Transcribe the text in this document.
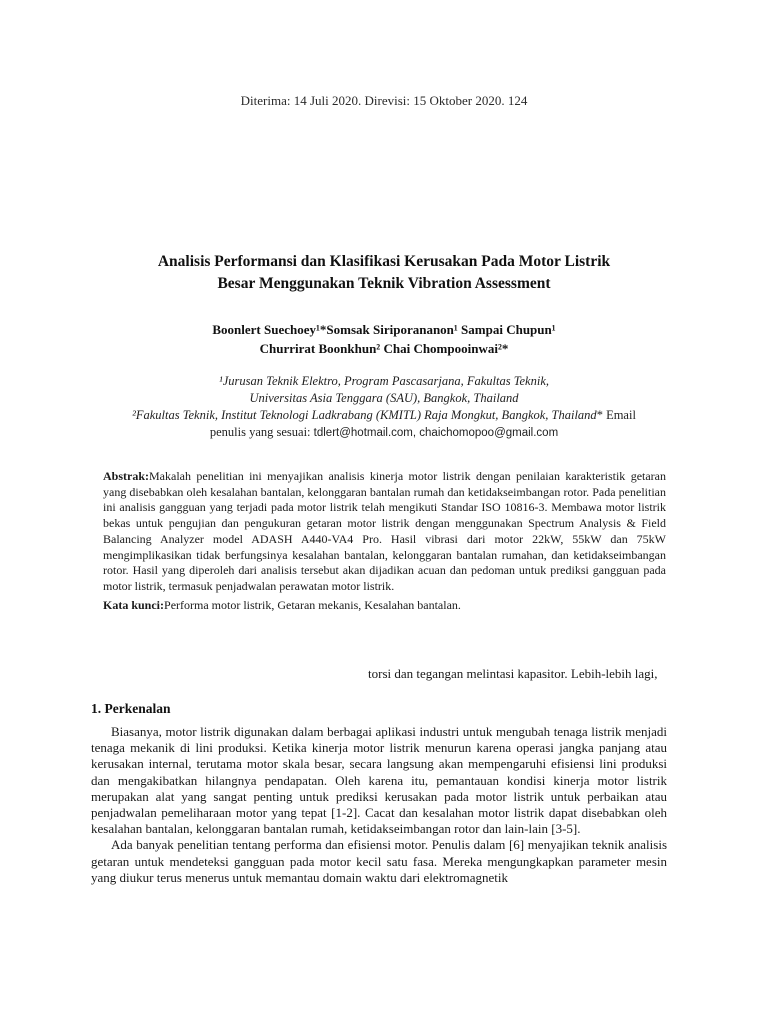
Diterima: 14 Juli 2020. Direvisi: 15 Oktober 2020. 124
Analisis Performansi dan Klasifikasi Kerusakan Pada Motor Listrik
Besar Menggunakan Teknik Vibration Assessment
Boonlert Suechoey¹*Somsak Siriporananon¹ Sampai Chupun¹
Churrirat Boonkhun² Chai Chompooinwai²*
¹Jurusan Teknik Elektro, Program Pascasarjana, Fakultas Teknik,
Universitas Asia Tenggara (SAU), Bangkok, Thailand
²Fakultas Teknik, Institut Teknologi Ladkrabang (KMITL) Raja Mongkut, Bangkok, Thailand* Email
penulis yang sesuai: tdlert@hotmail.com, chaichomopoo@gmail.com
Abstrak:Makalah penelitian ini menyajikan analisis kinerja motor listrik dengan penilaian karakteristik getaran yang disebabkan oleh kesalahan bantalan, kelonggaran bantalan rumah dan ketidakseimbangan rotor. Pada penelitian ini analisis gangguan yang terjadi pada motor listrik telah mengikuti Standar ISO 10816-3. Membawa motor listrik bekas untuk pengujian dan pengukuran getaran motor listrik dengan menggunakan Spectrum Analysis & Field Balancing Analyzer model ADASH A440-VA4 Pro. Hasil vibrasi dari motor 22kW, 55kW dan 75kW mengimplikasikan tidak berfungsinya kesalahan bantalan, kelonggaran bantalan rumahan, dan ketidakseimbangan rotor. Hasil yang diperoleh dari analisis tersebut akan dijadikan acuan dan pedoman untuk prediksi gangguan pada motor listrik, termasuk penjadwalan perawatan motor listrik.
Kata kunci:Performa motor listrik, Getaran mekanis, Kesalahan bantalan.
torsi dan tegangan melintasi kapasitor. Lebih-lebih lagi,
1. Perkenalan

Biasanya, motor listrik digunakan dalam berbagai aplikasi industri untuk mengubah tenaga listrik menjadi tenaga mekanik di lini produksi. Ketika kinerja motor listrik menurun karena operasi jangka panjang atau kerusakan internal, terutama motor skala besar, secara langsung akan mempengaruhi efisiensi lini produksi dan mengakibatkan hilangnya pendapatan. Oleh karena itu, pemantauan kondisi kinerja motor listrik merupakan alat yang sangat penting untuk prediksi kerusakan pada motor listrik untuk perbaikan atau penjadwalan pemeliharaan motor yang tepat [1-2]. Cacat dan kesalahan motor listrik dapat disebabkan oleh kesalahan bantalan, kelonggaran bantalan rumah, ketidakseimbangan rotor dan lain-lain [3-5].

Ada banyak penelitian tentang performa dan efisiensi motor. Penulis dalam [6] menyajikan teknik analisis getaran untuk mendeteksi gangguan pada motor kecil satu fasa. Mereka mengungkapkan parameter mesin yang diukur terus menerus untuk memantau domain waktu dari elektromagnetik
